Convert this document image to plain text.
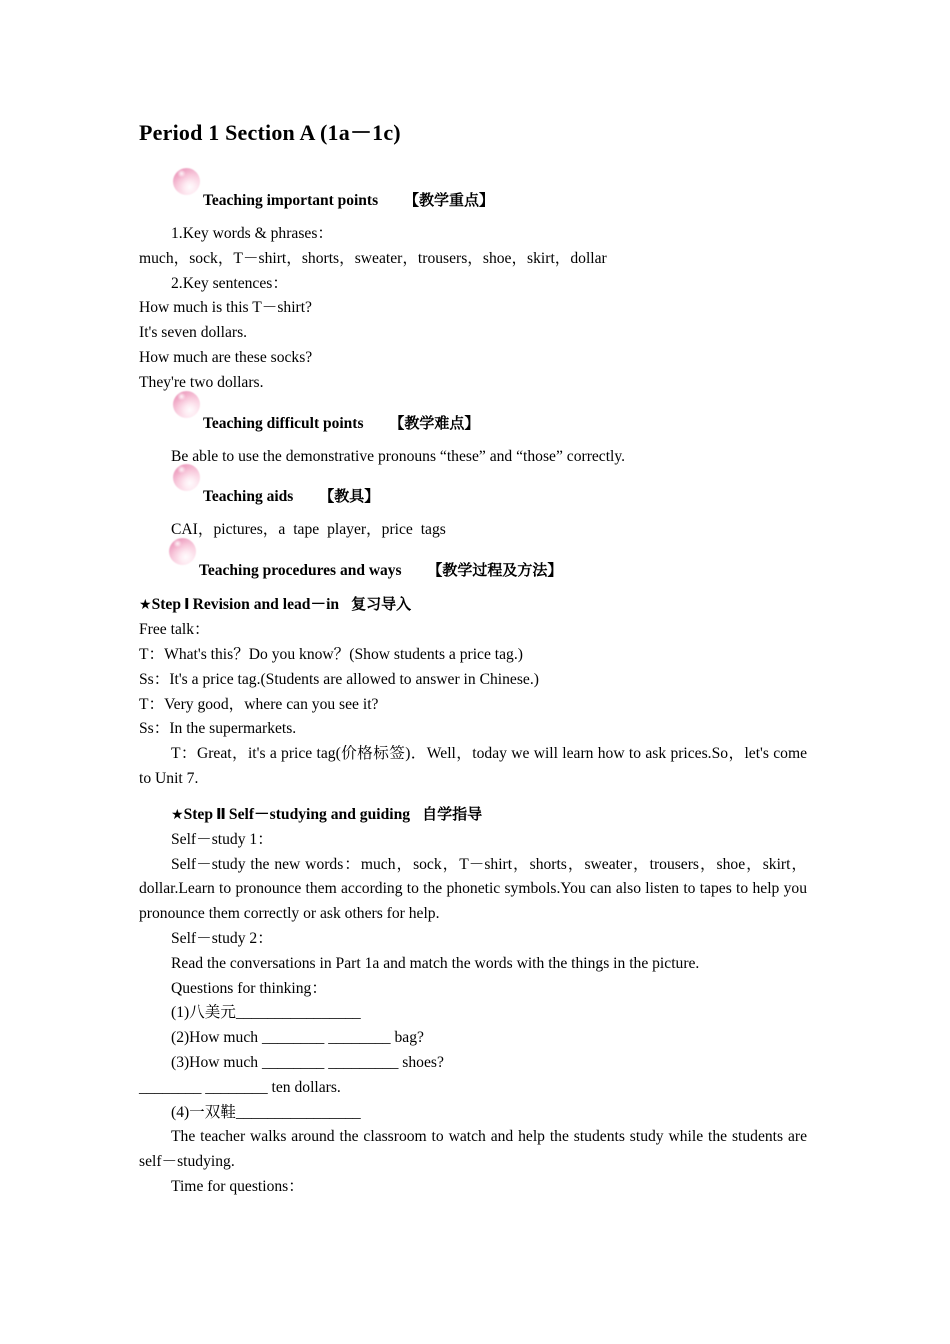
Period 1 Section A (1a－1c)
Teaching important points 【教学重点】

1.Key words & phrases：

much，sock，T－shirt，shorts，sweater，trousers，shoe，skirt，dollar

2.Key sentences：

How much is this T－shirt?

It's seven dollars.

How much are these socks?

They're two dollars.

Teaching difficult points 【教学难点】

Be able to use the demonstrative pronouns “these” and “those” correctly.

Teaching aids 【教具】

CAI，pictures，a tape player，price tags

Teaching procedures and ways 【教学过程及方法】

★Step Ⅰ Revision and lead－in 复习导入

Free talk：

T：What's this？Do you know？(Show students a price tag.)

Ss：It's a price tag.(Students are allowed to answer in Chinese.)

T：Very good，where can you see it?

Ss：In the supermarkets.

T：Great，it's a price tag(价格标签)．Well，today we will learn how to ask prices.So，let's come to Unit 7.

★Step Ⅱ Self－studying and guiding 自学指导

Self－study 1：

Self－study the new words：much，sock，T－shirt，shorts，sweater，trousers，shoe，skirt，dollar.Learn to pronounce them according to the phonetic symbols.You can also listen to tapes to help you pronounce them correctly or ask others for help.

Self－study 2：

Read the conversations in Part 1a and match the words with the things in the picture.

Questions for thinking：

(1)八美元________________

(2)How much ________ ________ bag?

(3)How much ________ _________ shoes?

________ ________ ten dollars.

(4)一双鞋________________

The teacher walks around the classroom to watch and help the students study while the students are self－studying.

Time for questions：
